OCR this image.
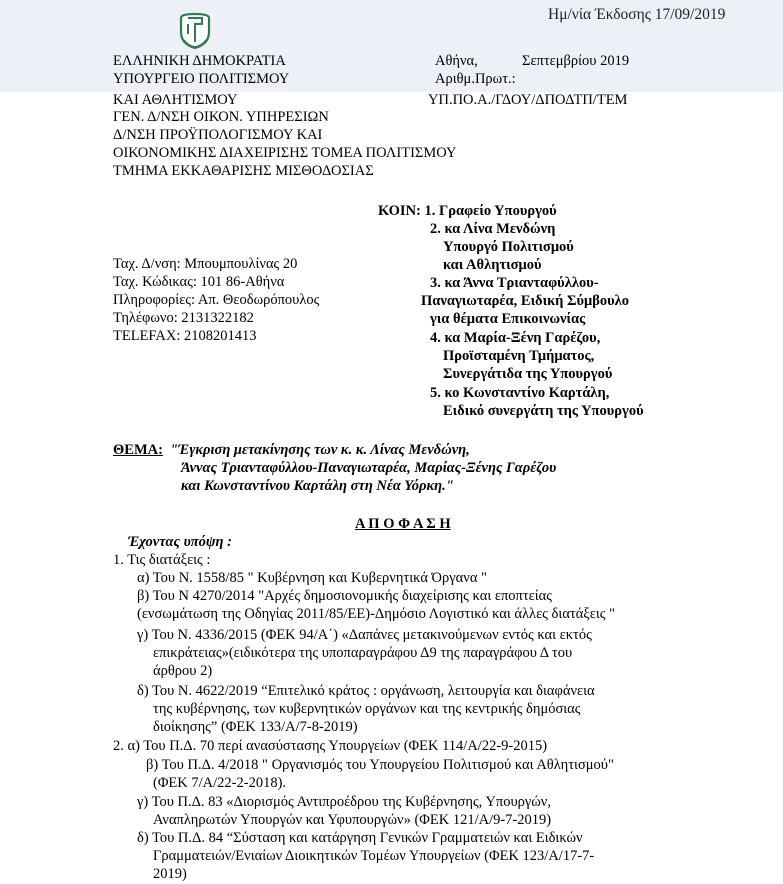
Ημ/νία Έκδοσης 17/09/2019
ΕΛΛΗΝΙΚΗ ΔΗΜΟΚΡΑΤΙΑ
ΥΠΟΥΡΓΕΙΟ ΠΟΛΙΤΙΣΜΟΥ
ΚΑΙ ΑΘΛΗΤΙΣΜΟΥ
ΓΕΝ. Δ/ΝΣΗ ΟΙΚΟΝ. ΥΠΗΡΕΣΙΩΝ
Δ/ΝΣΗ ΠΡΟΫΠΟΛΟΓΙΣΜΟΥ ΚΑΙ
ΟΙΚΟΝΟΜΙΚΗΣ ΔΙΑΧΕΙΡΙΣΗΣ ΤΟΜΕΑ ΠΟΛΙΤΙΣΜΟΥ
ΤΜΗΜΑ ΕΚΚΑΘΑΡΙΣΗΣ ΜΙΣΘΟΔΟΣΙΑΣ
Αθήνα,	Σεπτεμβρίου 2019
Αριθμ.Πρωτ.:
ΥΠ.ΠΟ.Α./ΓΔΟΥ/ΔΠΟΔΤΠ/ΤΕΜ
Ταχ. Δ/νση: Μπουμπουλίνας 20
Ταχ. Κώδικας: 101 86-Αθήνα
Πληροφορίες: Απ. Θεοδωρόπουλος
Τηλέφωνο: 2131322182
TELEFAX: 2108201413
ΚΟΙΝ: 1. Γραφείο Υπουργού
2. κα Λίνα Μενδώνη
Υπουργό Πολιτισμού
και Αθλητισμού
3. κα Άννα Τριανταφύλλου-
Παναγιωταρέα, Ειδική Σύμβουλο
για θέματα Επικοινωνίας
4. κα Μαρία-Ξένη Γαρέζου,
Προϊσταμένη Τμήματος,
Συνεργάτιδα της Υπουργού
5. κο Κωνσταντίνο Καρτάλη,
Ειδικό συνεργάτη της Υπουργού
ΘΕΜΑ: "Έγκριση μετακίνησης των κ. κ. Λίνας Μενδώνη,
Άννας Τριανταφύλλου-Παναγιωταρέα, Μαρίας-Ξένης Γαρέζου
και Κωνσταντίνου Καρτάλη στη Νέα Υόρκη."
Α Π Ο Φ Α Σ Η
Έχοντας υπόψη :
1. Τις διατάξεις :
α) Του Ν. 1558/85 " Κυβέρνηση και Κυβερνητικά Όργανα "
β) Του Ν 4270/2014 "Αρχές δημοσιονομικής διαχείρισης και εποπτείας
(ενσωμάτωση της Οδηγίας 2011/85/ΕΕ)-Δημόσιο Λογιστικό και άλλες διατάξεις "
γ) Του Ν. 4336/2015 (ΦΕΚ 94/Α΄) «Δαπάνες μετακινούμενων εντός και εκτός
επικράτειας»(ειδικότερα της υποπαραγράφου Δ9 της παραγράφου Δ του
άρθρου 2)
δ) Του Ν. 4622/2019 “Επιτελικό κράτος : οργάνωση, λειτουργία και διαφάνεια
της κυβέρνησης, των κυβερνητικών οργάνων και της κεντρικής δημόσιας
διοίκησης” (ΦΕΚ 133/Α/7-8-2019)
2. α) Του Π.Δ. 70 περί ανασύστασης Υπουργείων (ΦΕΚ 114/Α/22-9-2015)
β) Του Π.Δ. 4/2018 " Οργανισμός του Υπουργείου Πολιτισμού και Αθλητισμού"
(ΦΕΚ 7/Α/22-2-2018).
γ) Του Π.Δ. 83 «Διορισμός Αντιπροέδρου της Κυβέρνησης, Υπουργών,
Αναπληρωτών Υπουργών και Υφυπουργών» (ΦΕΚ 121/Α/9-7-2019)
δ) Του Π.Δ. 84 “Σύσταση και κατάργηση Γενικών Γραμματειών και Ειδικών
Γραμματειών/Ενιαίων Διοικητικών Τομέων Υπουργείων (ΦΕΚ 123/Α/17-7-
2019)
